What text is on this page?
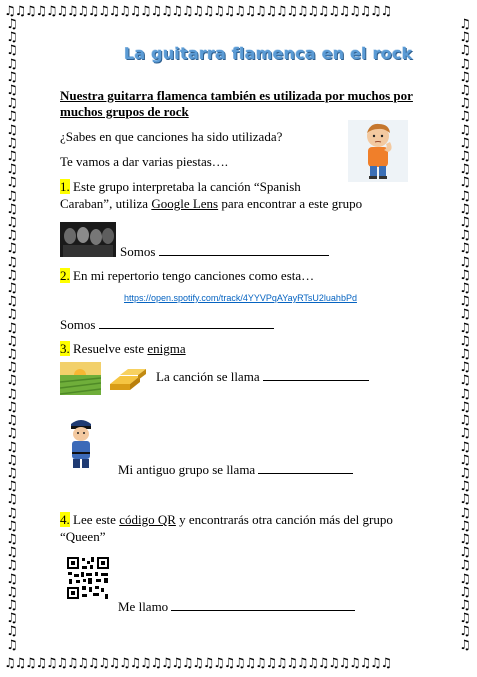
♫♫♫♫♫♫♫♫♫♫♫♫♫♫♫♫♫♫♫♫♫♫♫♫♫♫♫♫♫♫♫♫♫♫♫♫♫
♫♫♫♫♫♫♫♫♫♫♫♫♫♫♫♫♫♫♫♫♫♫♫♫♫♫♫♫♫♫♫♫♫♫♫♫♫
♫♫♫♫♫♫♫♫♫♫♫♫♫♫♫♫♫♫♫♫♫♫♫♫♫♫♫♫♫♫♫♫♫♫♫♫♫♫♫♫♫♫♫♫♫♫♫♫
♫♫♫♫♫♫♫♫♫♫♫♫♫♫♫♫♫♫♫♫♫♫♫♫♫♫♫♫♫♫♫♫♫♫♫♫♫♫♫♫♫♫♫♫♫♫♫♫
La guitarra flamenca en el rock
Nuestra guitarra flamenca también es utilizada por muchos por muchos grupos de rock
¿Sabes en que canciones ha sido utilizada?
Te vamos a dar varias piestas….
1. Este grupo interpretaba la canción “Spanish
Caraban”, utiliza Google Lens para encontrar a este grupo
Somos
2. En mi repertorio tengo canciones como esta…
https://open.spotify.com/track/4YYVPqAYayRTsU2luahbPd
Somos
3. Resuelve este enigma
La canción se llama
Mi antiguo grupo se llama
4. Lee este código QR y encontrarás otra canción más del grupo
“Queen”
Me llamo
